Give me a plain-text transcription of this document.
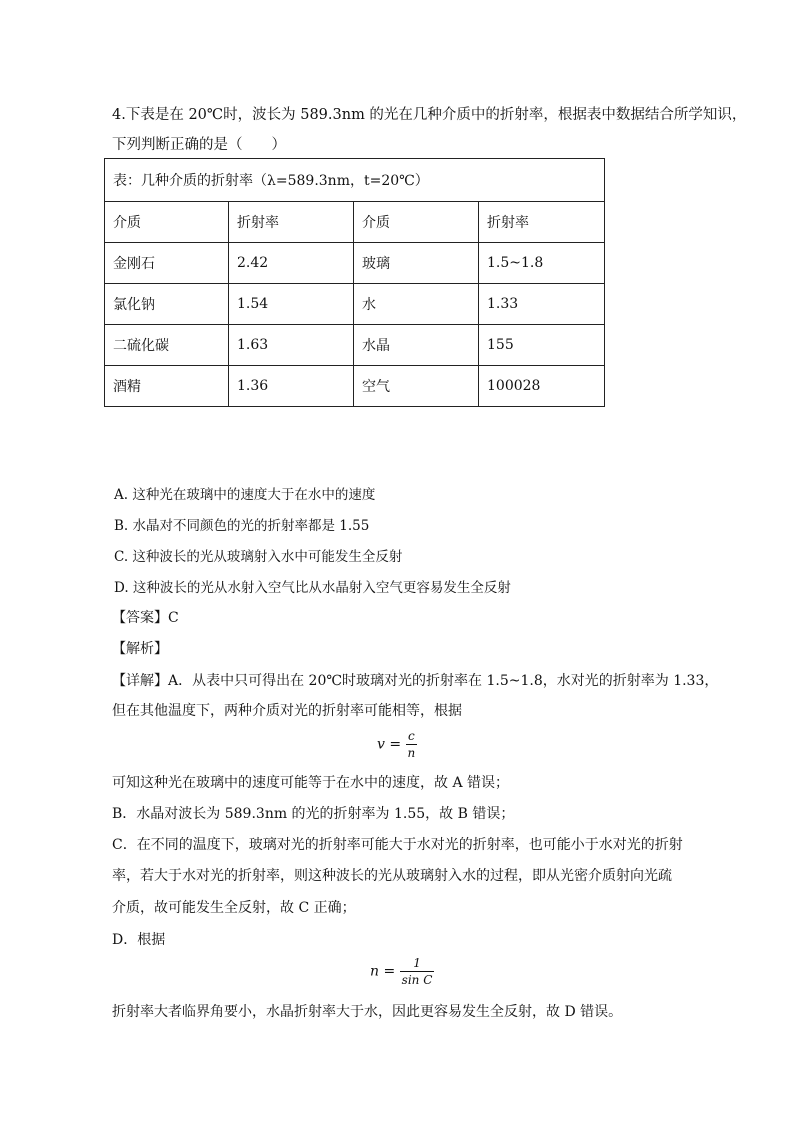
4.下表是在 20℃时，波长为 589.3nm 的光在几种介质中的折射率，根据表中数据结合所学知识，
下列判断正确的是（　　）
表：几种介质的折射率（λ=589.3nm，t=20℃）			
介质	折射率	介质	折射率
金刚石	2.42	玻璃	1.5~1.8
氯化钠	1.54	水	1.33
二硫化碳	1.63	水晶	155
酒精	1.36	空气	100028
A. 这种光在玻璃中的速度大于在水中的速度
B. 水晶对不同颜色的光的折射率都是 1.55
C. 这种波长的光从玻璃射入水中可能发生全反射
D. 这种波长的光从水射入空气比从水晶射入空气更容易发生全反射
【答案】C
【解析】
【详解】A．从表中只可得出在 20℃时玻璃对光的折射率在 1.5~1.8，水对光的折射率为 1.33，
但在其他温度下，两种介质对光的折射率可能相等，根据
$v = \frac{c}{n}$
可知这种光在玻璃中的速度可能等于在水中的速度，故 A 错误；
B．水晶对波长为 589.3nm 的光的折射率为 1.55，故 B 错误；
C．在不同的温度下，玻璃对光的折射率可能大于水对光的折射率，也可能小于水对光的折射
率，若大于水对光的折射率，则这种波长的光从玻璃射入水的过程，即从光密介质射向光疏
介质，故可能发生全反射，故 C 正确；
D．根据
$n = \frac{1}{\text{sin C}}$
折射率大者临界角要小，水晶折射率大于水，因此更容易发生全反射，故 D 错误。
